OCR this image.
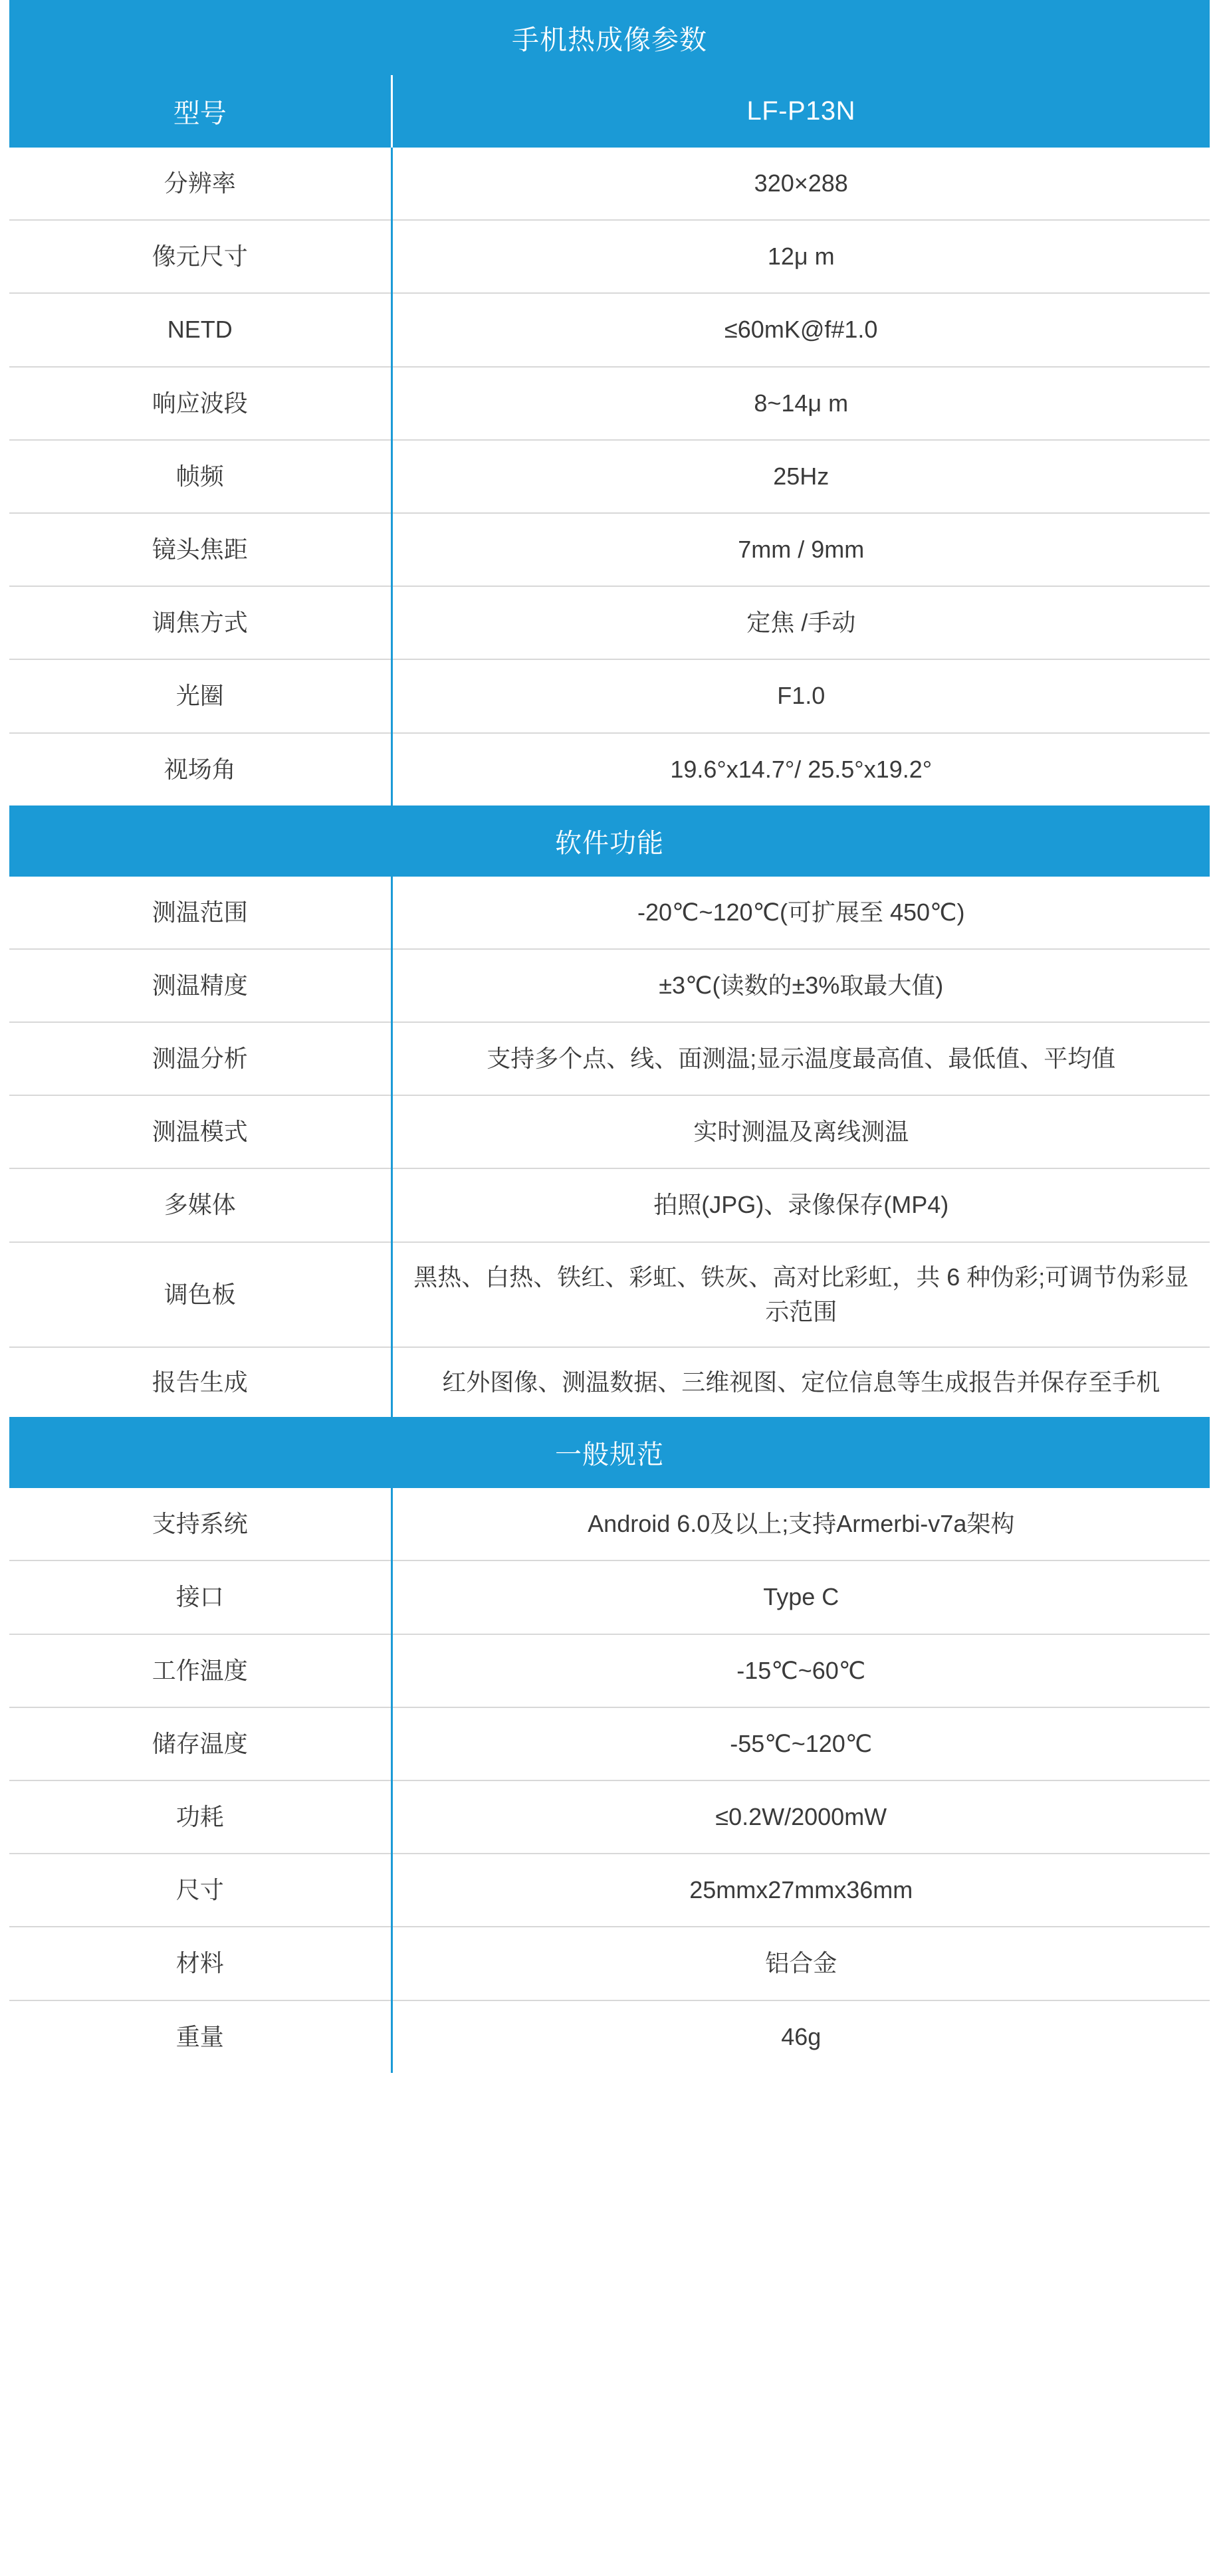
手机热成像参数	
型号	LF-P13N
分辨率	320×288
像元尺寸	12μ m
NETD	≤60mK@f#1.0
响应波段	8~14μ m
帧频	25Hz
镜头焦距	7mm / 9mm
调焦方式	定焦 /手动
光圈	F1.0
视场角	19.6°x14.7°/ 25.5°x19.2°
软件功能	
测温范围	-20℃~120℃(可扩展至 450℃)
测温精度	±3℃(读数的±3%取最大值)
测温分析	支持多个点、线、面测温;显示温度最高值、最低值、平均值
测温模式	实时测温及离线测温
多媒体	拍照(JPG)、录像保存(MP4)
调色板	黑热、白热、铁红、彩虹、铁灰、高对比彩虹，共 6 种伪彩;可调节伪彩显示范围
报告生成	红外图像、测温数据、三维视图、定位信息等生成报告并保存至手机
一般规范	
支持系统	Android 6.0及以上;支持Armerbi-v7a架构
接口	Type C
工作温度	-15℃~60℃
储存温度	-55℃~120℃
功耗	≤0.2W/2000mW
尺寸	25mmx27mmx36mm
材料	铝合金
重量	46g
